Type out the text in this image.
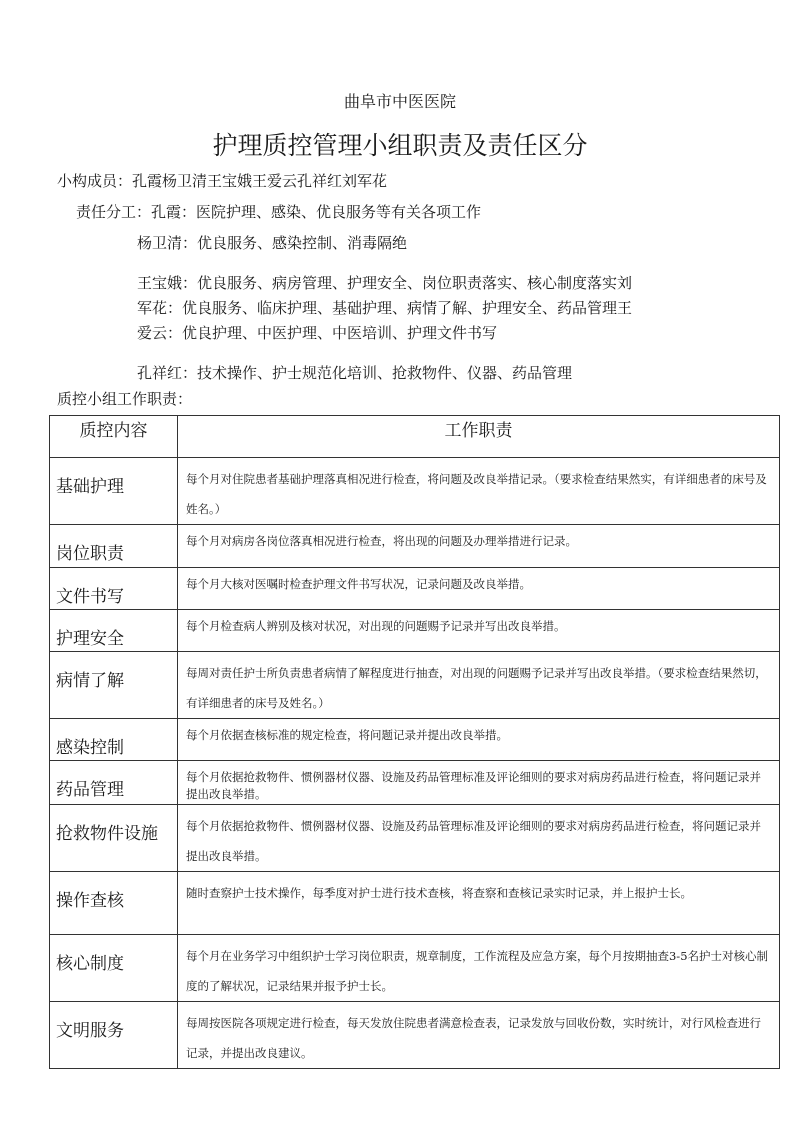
曲阜市中医医院
护理质控管理小组职责及责任区分
小构成员：孔霞杨卫清王宝娥王爱云孔祥红刘军花
责任分工：孔霞：医院护理、感染、优良服务等有关各项工作
杨卫清：优良服务、感染控制、消毒隔绝
王宝娥：优良服务、病房管理、护理安全、岗位职责落实、核心制度落实刘
军花：优良服务、临床护理、基础护理、病情了解、护理安全、药品管理王
爱云：优良护理、中医护理、中医培训、护理文件书写
孔祥红：技术操作、护士规范化培训、抢救物件、仪器、药品管理
质控小组工作职责：
质控内容	工作职责
基础护理	每个月对住院患者基础护理落真相况进行检查，将问题及改良举措记录。（要求检查结果然实，有详细患者的床号及姓名。）
岗位职责	每个月对病房各岗位落真相况进行检查，将出现的问题及办理举措进行记录。
文件书写	每个月大核对医嘱时检查护理文件书写状况，记录问题及改良举措。
护理安全	每个月检查病人辨别及核对状况，对出现的问题赐予记录并写出改良举措。
病情了解	每周对责任护士所负责患者病情了解程度进行抽查，对出现的问题赐予记录并写出改良举措。（要求检查结果然切，有详细患者的床号及姓名。）
感染控制	每个月依据查核标准的规定检查，将问题记录并提出改良举措。
药品管理	每个月依据抢救物件、惯例器材仪器、设施及药品管理标准及评论细则的要求对病房药品进行检查，将问题记录并提出改良举措。
抢救物件设施	每个月依据抢救物件、惯例器材仪器、设施及药品管理标准及评论细则的要求对病房药品进行检查，将问题记录并提出改良举措。
操作查核	随时查察护士技术操作，每季度对护士进行技术查核，将查察和查核记录实时记录，并上报护士长。
核心制度	每个月在业务学习中组织护士学习岗位职责，规章制度，工作流程及应急方案，每个月按期抽查3-5名护士对核心制度的了解状况，记录结果并报予护士长。
文明服务	每周按医院各项规定进行检查，每天发放住院患者满意检查表，记录发放与回收份数，实时统计，对行风检查进行记录，并提出改良建议。
